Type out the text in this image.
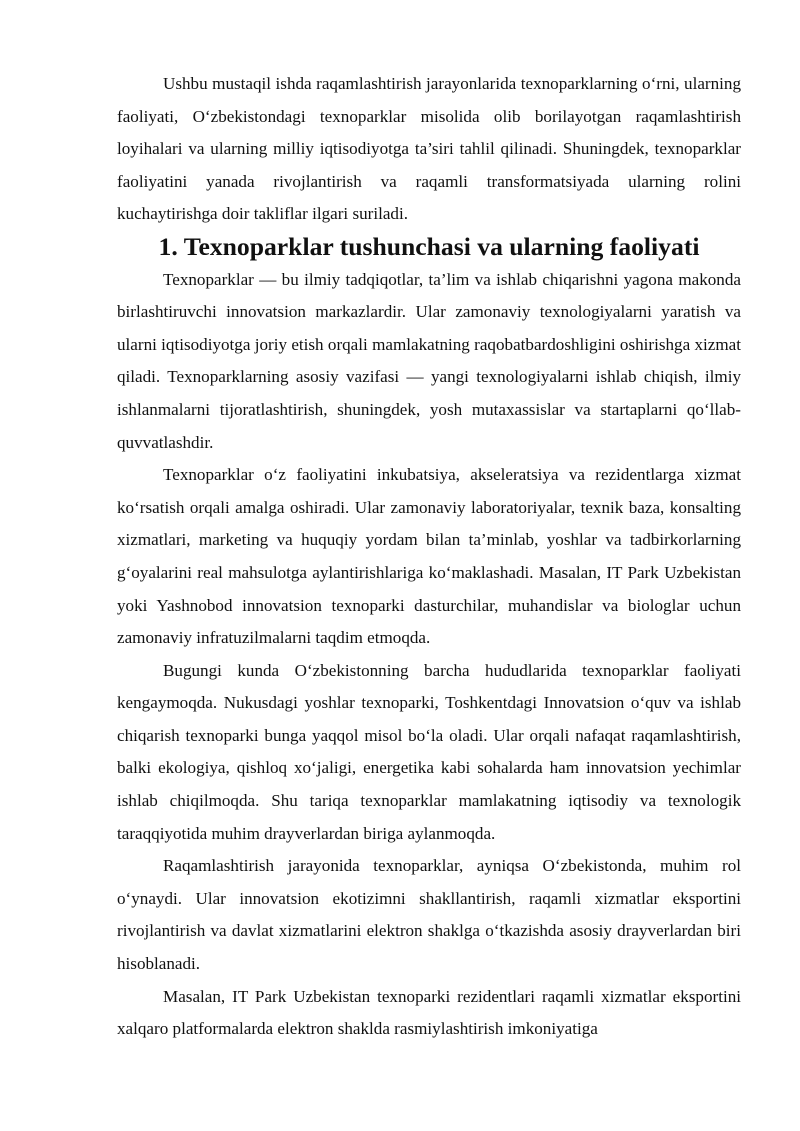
Ushbu mustaqil ishda raqamlashtirish jarayonlarida texnoparklarning o‘rni, ularning faoliyati, O‘zbekistondagi texnoparklar misolida olib borilayotgan raqamlashtirish loyihalari va ularning milliy iqtisodiyotga ta’siri tahlil qilinadi. Shuningdek, texnoparklar faoliyatini yanada rivojlantirish va raqamli transformatsiyada ularning rolini kuchaytirishga doir takliflar ilgari suriladi.

1. Texnoparklar tushunchasi va ularning faoliyati

Texnoparklar — bu ilmiy tadqiqotlar, ta’lim va ishlab chiqarishni yagona makonda birlashtiruvchi innovatsion markazlardir. Ular zamonaviy texnologiyalarni yaratish va ularni iqtisodiyotga joriy etish orqali mamlakatning raqobatbardoshligini oshirishga xizmat qiladi. Texnoparklarning asosiy vazifasi — yangi texnologiyalarni ishlab chiqish, ilmiy ishlanmalarni tijoratlashtirish, shuningdek, yosh mutaxassislar va startaplarni qo‘llab-quvvatlashdir.

Texnoparklar o‘z faoliyatini inkubatsiya, akseleratsiya va rezidentlarga xizmat ko‘rsatish orqali amalga oshiradi. Ular zamonaviy laboratoriyalar, texnik baza, konsalting xizmatlari, marketing va huquqiy yordam bilan ta’minlab, yoshlar va tadbirkorlarning g‘oyalarini real mahsulotga aylantirishlariga ko‘maklashadi. Masalan, IT Park Uzbekistan yoki Yashnobod innovatsion texnoparki dasturchilar, muhandislar va biologlar uchun zamonaviy infratuzilmalarni taqdim etmoqda.

Bugungi kunda O‘zbekistonning barcha hududlarida texnoparklar faoliyati kengaymoqda. Nukusdagi yoshlar texnoparki, Toshkentdagi Innovatsion o‘quv va ishlab chiqarish texnoparki bunga yaqqol misol bo‘la oladi. Ular orqali nafaqat raqamlashtirish, balki ekologiya, qishloq xo‘jaligi, energetika kabi sohalarda ham innovatsion yechimlar ishlab chiqilmoqda. Shu tariqa texnoparklar mamlakatning iqtisodiy va texnologik taraqqiyotida muhim drayverlardan biriga aylanmoqda.

Raqamlashtirish jarayonida texnoparklar, ayniqsa O‘zbekistonda, muhim rol o‘ynaydi. Ular innovatsion ekotizimni shakllantirish, raqamli xizmatlar eksportini rivojlantirish va davlat xizmatlarini elektron shaklga o‘tkazishda asosiy drayverlardan biri hisoblanadi.

Masalan, IT Park Uzbekistan texnoparki rezidentlari raqamli xizmatlar eksportini xalqaro platformalarda elektron shaklda rasmiylashtirish imkoniyatiga
